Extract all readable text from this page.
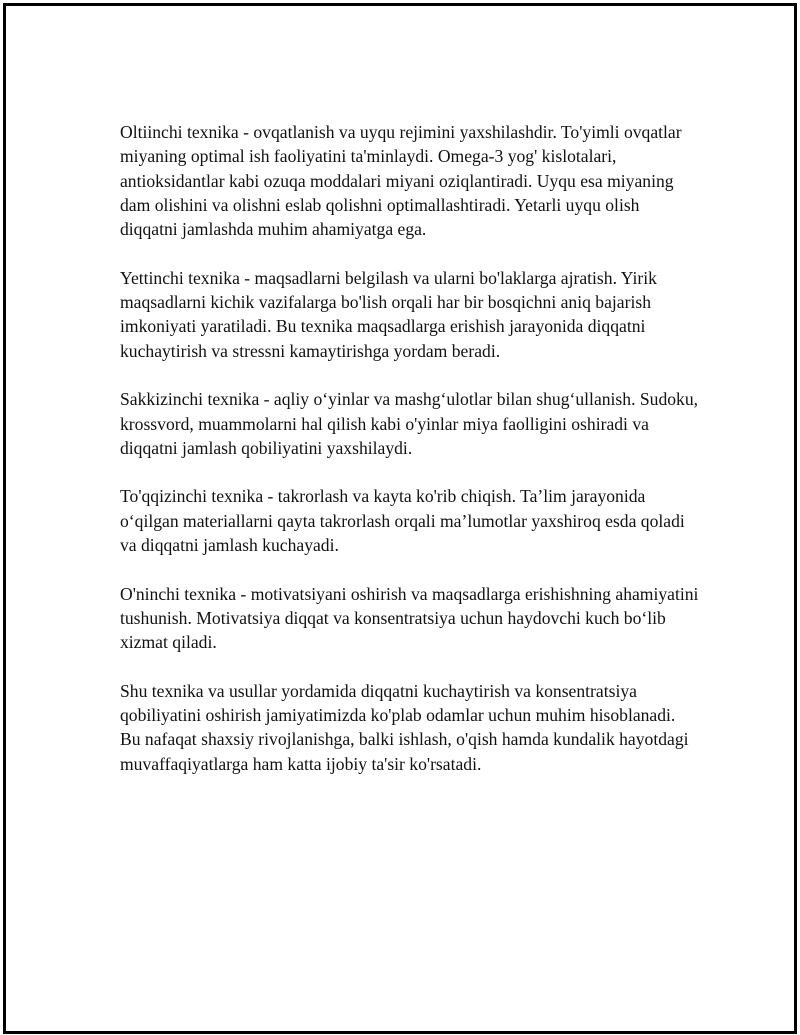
Oltiinchi texnika - ovqatlanish va uyqu rejimini yaxshilashdir. To'yimli ovqatlar miyaning optimal ish faoliyatini ta'minlaydi. Omega-3 yog' kislotalari, antioksidantlar kabi ozuqa moddalari miyani oziqlantiradi. Uyqu esa miyaning dam olishini va olishni eslab qolishni optimallashtiradi. Yetarli uyqu olish diqqatni jamlashda muhim ahamiyatga ega.

Yettinchi texnika - maqsadlarni belgilash va ularni bo'laklarga ajratish. Yirik maqsadlarni kichik vazifalarga bo'lish orqali har bir bosqichni aniq bajarish imkoniyati yaratiladi. Bu texnika maqsadlarga erishish jarayonida diqqatni kuchaytirish va stressni kamaytirishga yordam beradi.

Sakkizinchi texnika - aqliy o‘yinlar va mashg‘ulotlar bilan shug‘ullanish. Sudoku, krossvord, muammolarni hal qilish kabi o'yinlar miya faolligini oshiradi va diqqatni jamlash qobiliyatini yaxshilaydi.

To'qqizinchi texnika - takrorlash va kayta ko'rib chiqish. Ta’lim jarayonida o‘qilgan materiallarni qayta takrorlash orqali ma’lumotlar yaxshiroq esda qoladi va diqqatni jamlash kuchayadi.

O'ninchi texnika - motivatsiyani oshirish va maqsadlarga erishishning ahamiyatini tushunish. Motivatsiya diqqat va konsentratsiya uchun haydovchi kuch bo‘lib xizmat qiladi.

Shu texnika va usullar yordamida diqqatni kuchaytirish va konsentratsiya qobiliyatini oshirish jamiyatimizda ko'plab odamlar uchun muhim hisoblanadi. Bu nafaqat shaxsiy rivojlanishga, balki ishlash, o'qish hamda kundalik hayotdagi muvaffaqiyatlarga ham katta ijobiy ta'sir ko'rsatadi.
